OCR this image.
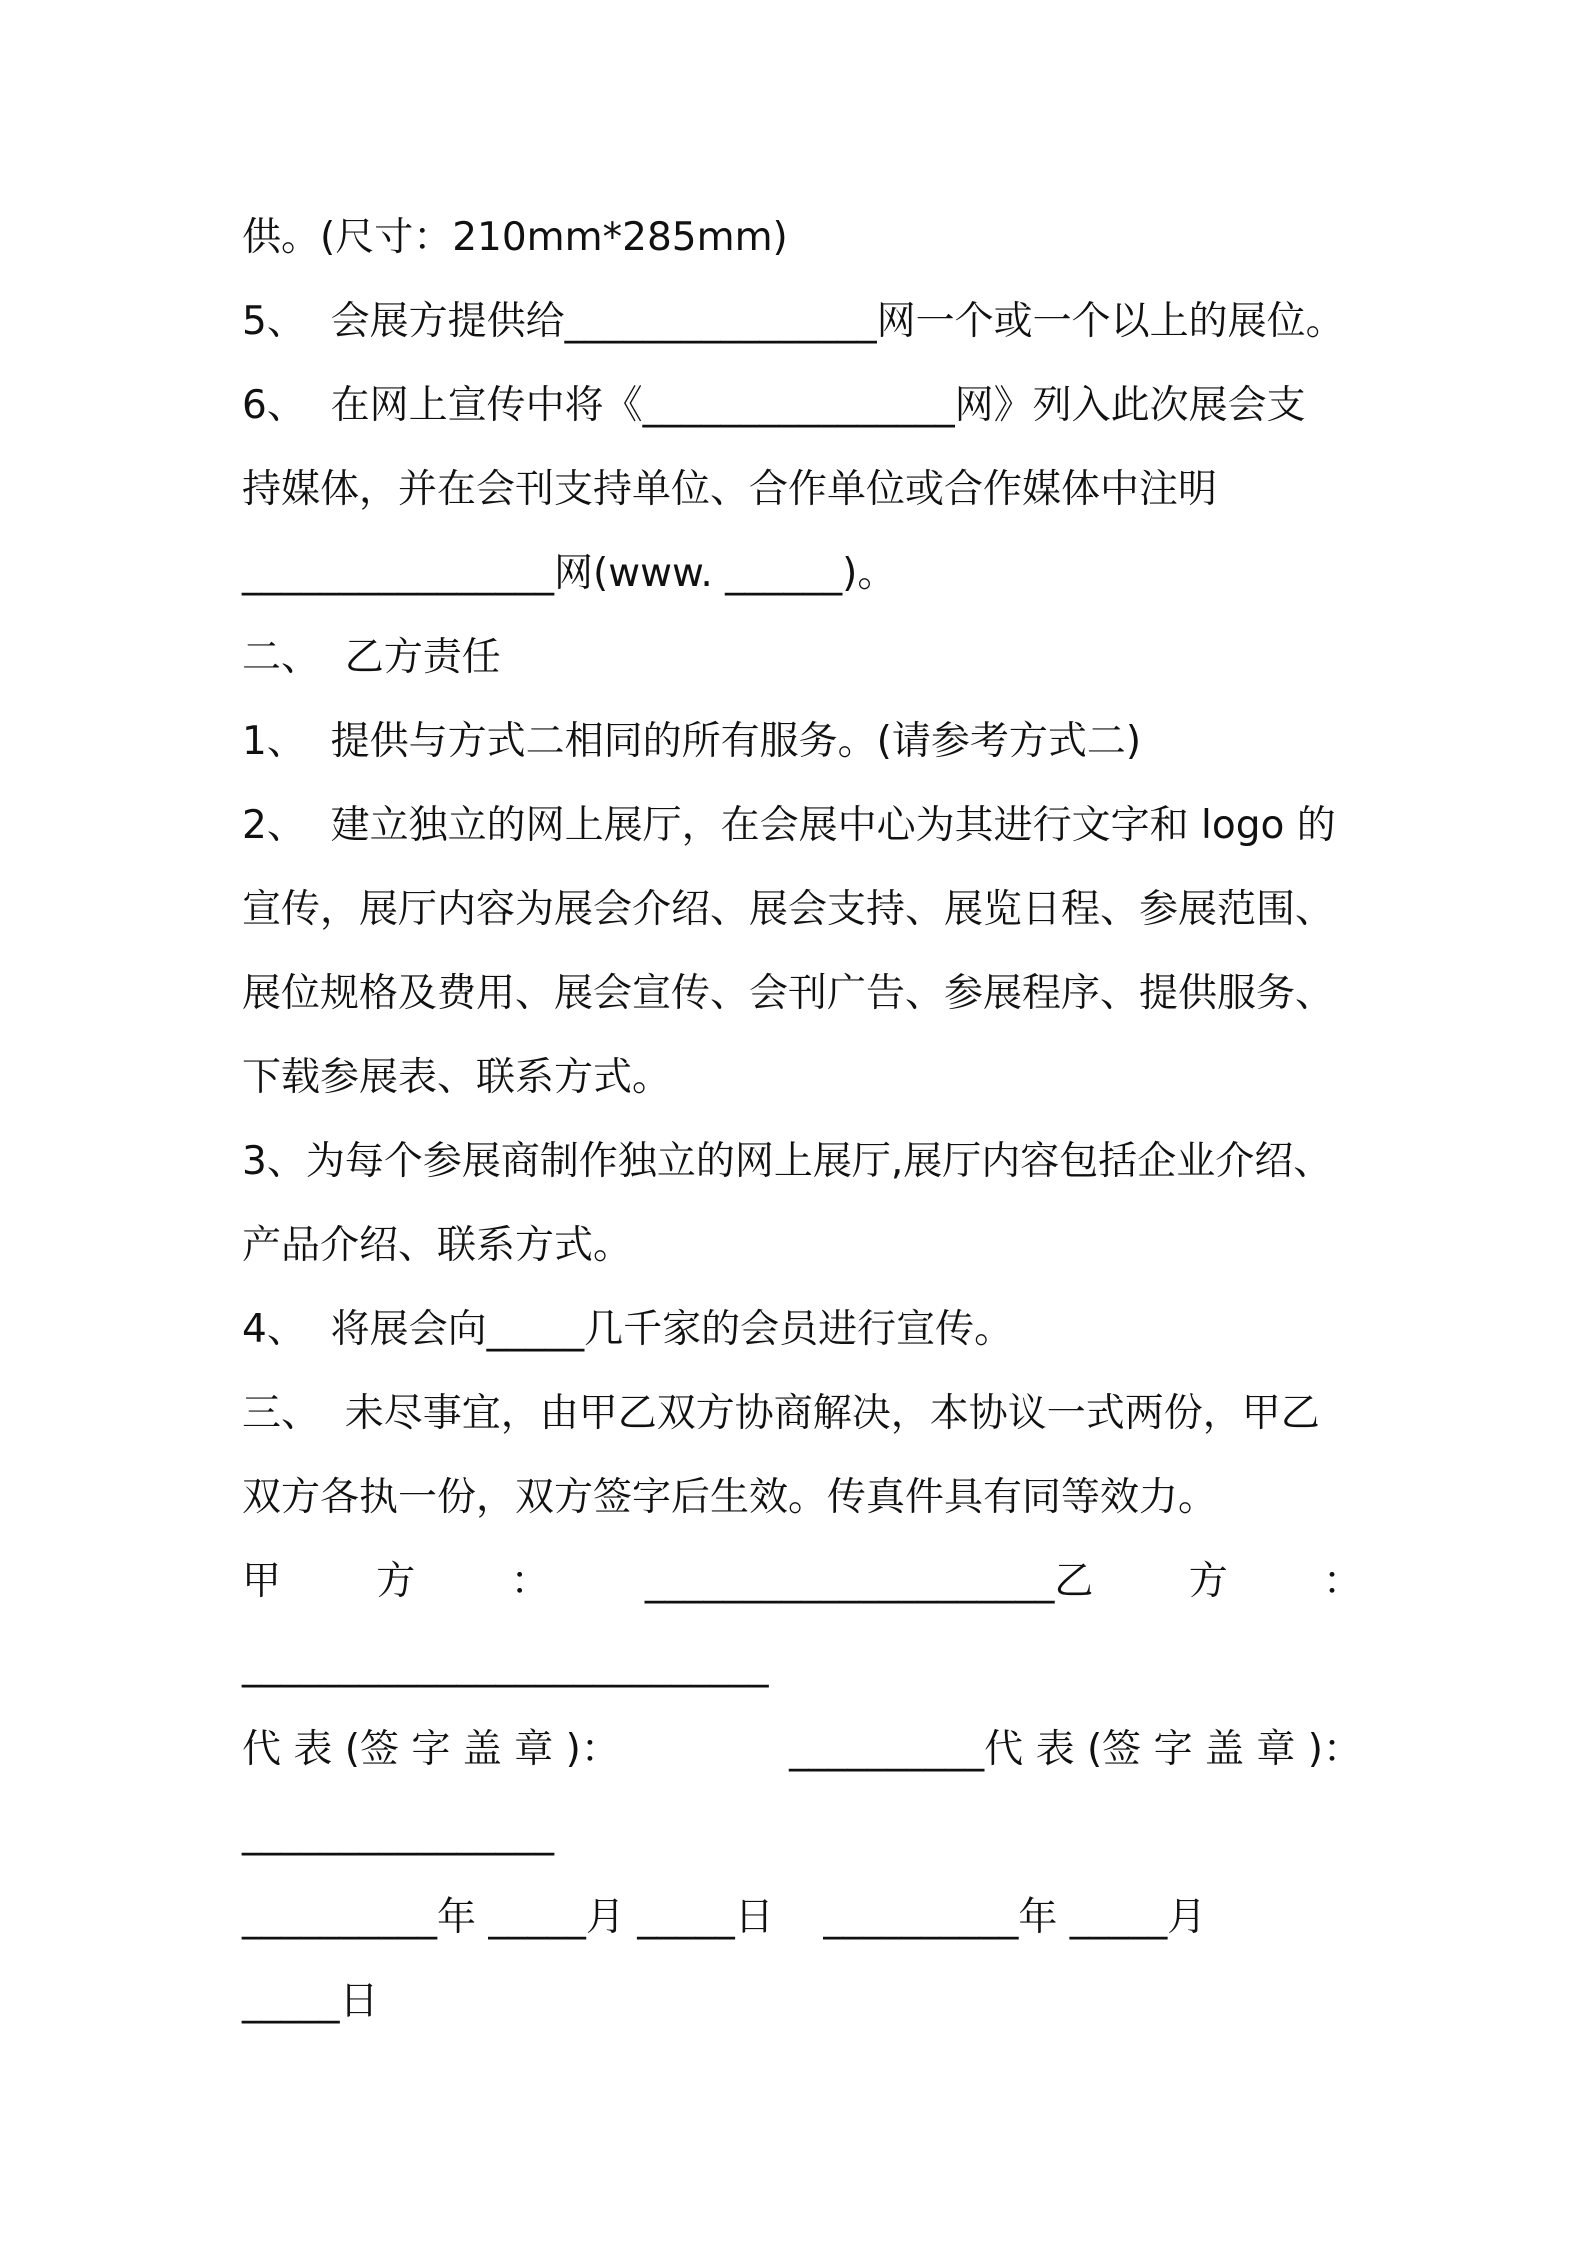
供。(尺寸：210mm*285mm)
5、  会展方提供给________________网一个或一个以上的展位。
6、  在网上宣传中将《________________网》列入此次展会支
持媒体，并在会刊支持单位、合作单位或合作媒体中注明
________________网(www. ______)。
二、  乙方责任
1、  提供与方式二相同的所有服务。(请参考方式二)
2、  建立独立的网上展厅，在会展中心为其进行文字和 logo 的
宣传，展厅内容为展会介绍、展会支持、展览日程、参展范围、
展位规格及费用、展会宣传、会刊广告、参展程序、提供服务、
下载参展表、联系方式。
3、为每个参展商制作独立的网上展厅,展厅内容包括企业介绍、
产品介绍、联系方式。
4、  将展会向_____几千家的会员进行宣传。
三、  未尽事宜，由甲乙双方协商解决，本协议一式两份，甲乙
双方各执一份，双方签字后生效。传真件具有同等效力。
甲 方 ： _____________________乙 方 ：
___________________________
代 表 (签 字 盖 章 )：	__________代 表 (签 字 盖 章 )：
________________
__________年 _____月 _____日    __________年 _____月
_____日
